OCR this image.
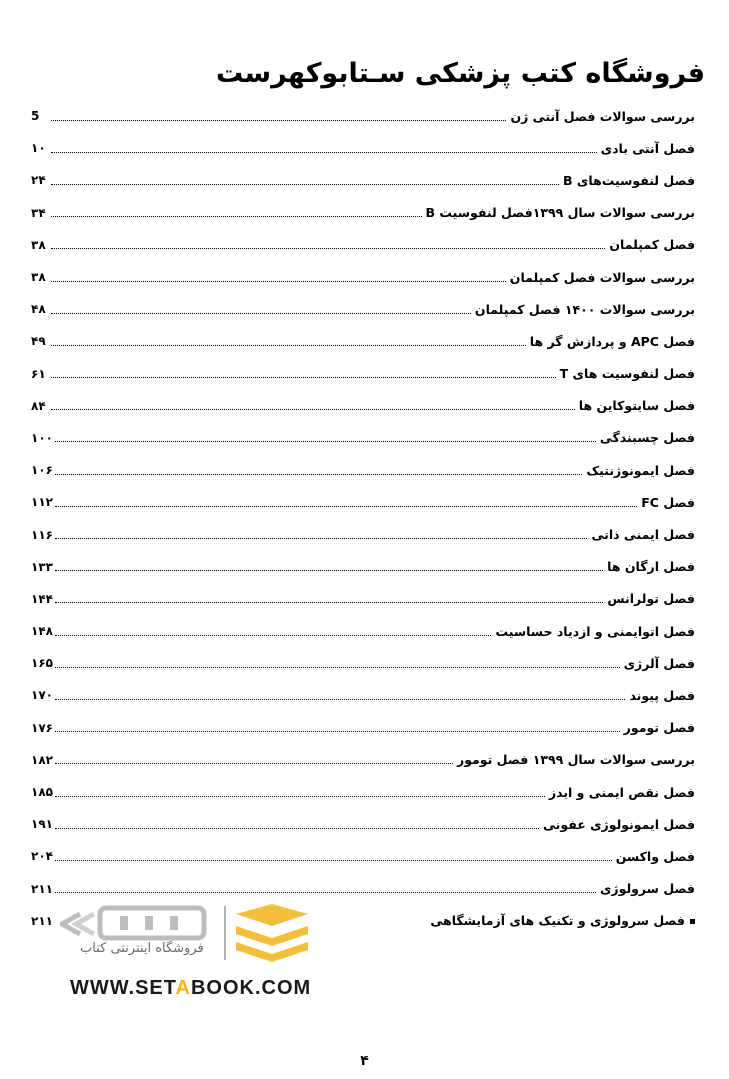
فروشگاه کتب پزشکی سـتابوکهرست
بررسی سوالات فصل آنتی ژن
5
فصل آنتی بادی
۱۰
فصل لنفوسیت‌های B
۲۴
بررسی سوالات سال ۱۳۹۹فصل لنفوسیت B
۳۴
فصل کمپلمان
۳۸
بررسی سوالات فصل کمپلمان
۳۸
بررسی سوالات ۱۴۰۰ فصل کمپلمان
۴۸
فصل APC و پردازش گر ها
۴۹
فصل لنفوسیت های T
۶۱
فصل سایتوکاین ها
۸۴
فصل چسبندگی
۱۰۰
فصل ایمونوژنتیک
۱۰۶
فصل FC
۱۱۲
فصل ایمنی ذاتی
۱۱۶
فصل ارگان ها
۱۳۳
فصل تولرانس
۱۴۴
فصل اتوایمنی و ازدیاد حساسیت
۱۴۸
فصل آلرژی
۱۶۵
فصل پیوند
۱۷۰
فصل تومور
۱۷۶
بررسی سوالات سال ۱۳۹۹ فصل تومور
۱۸۲
فصل نقص ایمنی و ایدز
۱۸۵
فصل ایمونولوژی عفونی
۱۹۱
فصل واکسن
۲۰۴
فصل سرولوژی
۲۱۱
فصل سرولوژی و تکنیک های آزمایشگاهی
۲۱۱
فروشگاه اینترنتی کتاب
WWW.SETABOOK.COM
۴
